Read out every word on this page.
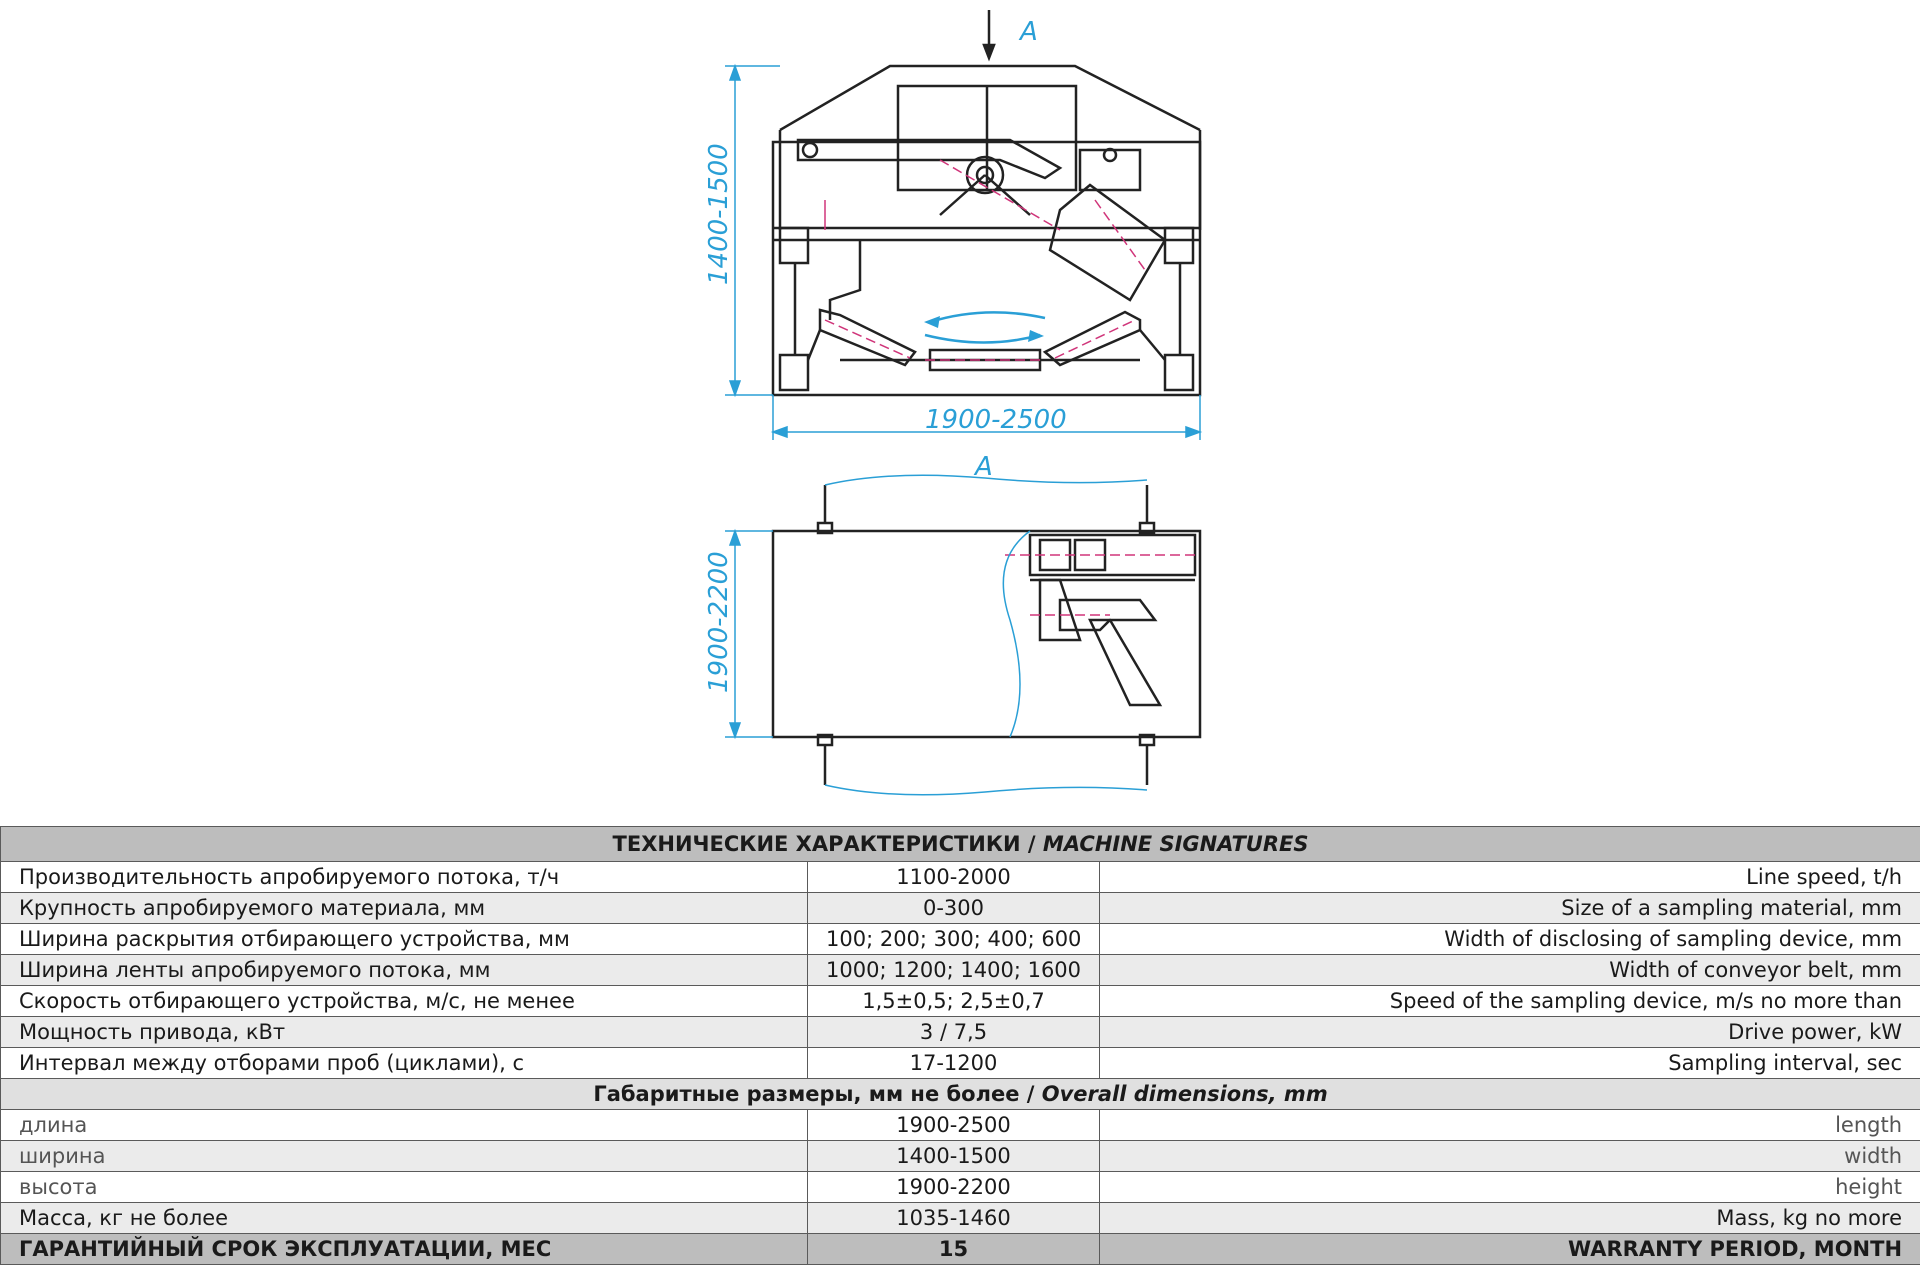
A
1400-1500
1900-2500
A
1900-2200
ТЕХНИЧЕСКИЕ ХАРАКТЕРИСТИКИ / MACHINE SIGNATURES		
Производительность апробируемого потока, т/ч	1100-2000	Line speed, t/h
Крупность апробируемого материала, мм	0-300	Size of a sampling material, mm
Ширина раскрытия отбирающего устройства, мм	100; 200; 300; 400; 600	Width of disclosing of sampling device, mm
Ширина ленты апробируемого потока, мм	1000; 1200; 1400; 1600	Width of conveyor belt, mm
Скорость отбирающего устройства, м/с, не менее	1,5±0,5; 2,5±0,7	Speed of the sampling device, m/s no more than
Мощность привода, кВт	3 / 7,5	Drive power, kW
Интервал между отборами проб (циклами), с	17-1200	Sampling interval, sec
Габаритные размеры, мм не более / Overall dimensions, mm		
длина	1900-2500	length
ширина	1400-1500	width
высота	1900-2200	height
Масса, кг не более	1035-1460	Mass, kg no more
ГАРАНТИЙНЫЙ СРОК ЭКСПЛУАТАЦИИ, МЕС	15	WARRANTY PERIOD, MONTH
